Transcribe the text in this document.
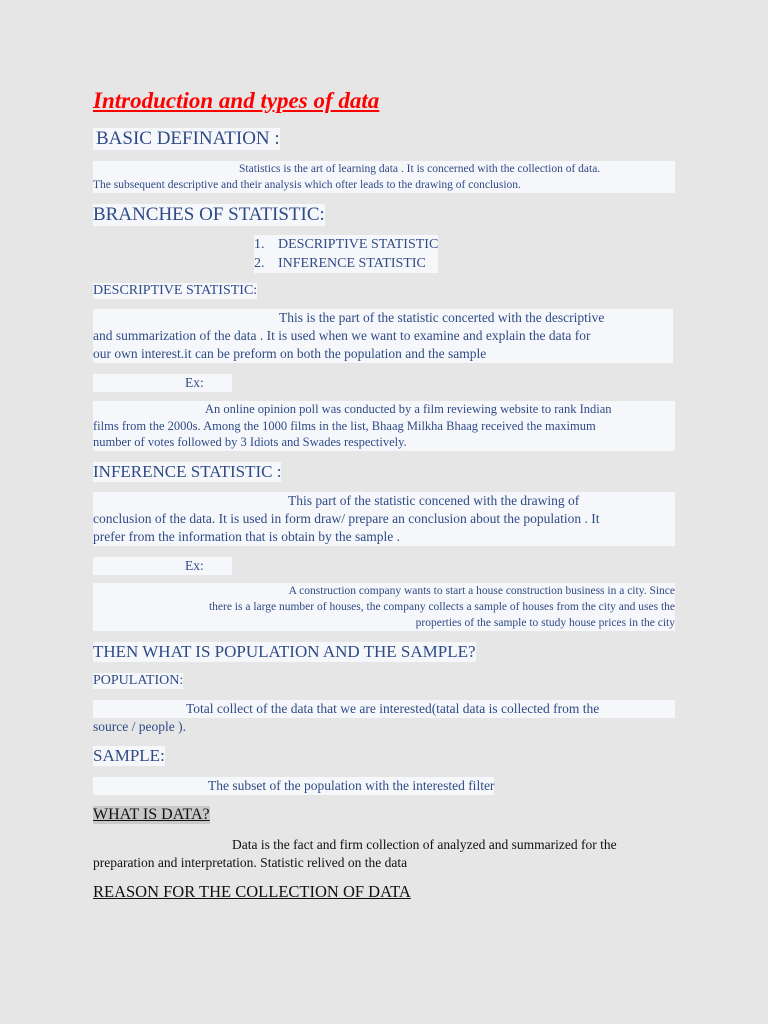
Introduction and types of data
BASIC DEFINATION :
Statistics is the art of learning data . It is concerned with the collection of data.
The subsequent descriptive and their analysis which ofter leads to the drawing of conclusion.
BRANCHES OF STATISTIC:
1. DESCRIPTIVE STATISTIC
2. INFERENCE STATISTIC
DESCRIPTIVE STATISTIC:
This is the part of the statistic concerted with the descriptive
and summarization of the data . It is used when we want to examine and explain the data for
our own interest.it can be preform on both the population and the sample
Ex:
An online opinion poll was conducted by a film reviewing website to rank Indian
films from the 2000s. Among the 1000 films in the list, Bhaag Milkha Bhaag received the maximum
number of votes followed by 3 Idiots and Swades respectively.
INFERENCE STATISTIC :
This part of the statistic concened with the drawing of
conclusion of the data. It is used in form draw/ prepare an conclusion about the population . It
prefer from the information that is obtain by the sample .
Ex:
A construction company wants to start a house construction business in a city. Since
there is a large number of houses, the company collects a sample of houses from the city and uses the
properties of the sample to study house prices in the city
THEN WHAT IS POPULATION AND THE SAMPLE?
POPULATION:
Total collect of the data that we are interested(tatal data is collected from the
source / people ).
SAMPLE:
The subset of the population with the interested filter
WHAT IS DATA?
Data is the fact and firm collection of analyzed and summarized for the
preparation and interpretation. Statistic relived on the data
REASON FOR THE COLLECTION OF DATA
